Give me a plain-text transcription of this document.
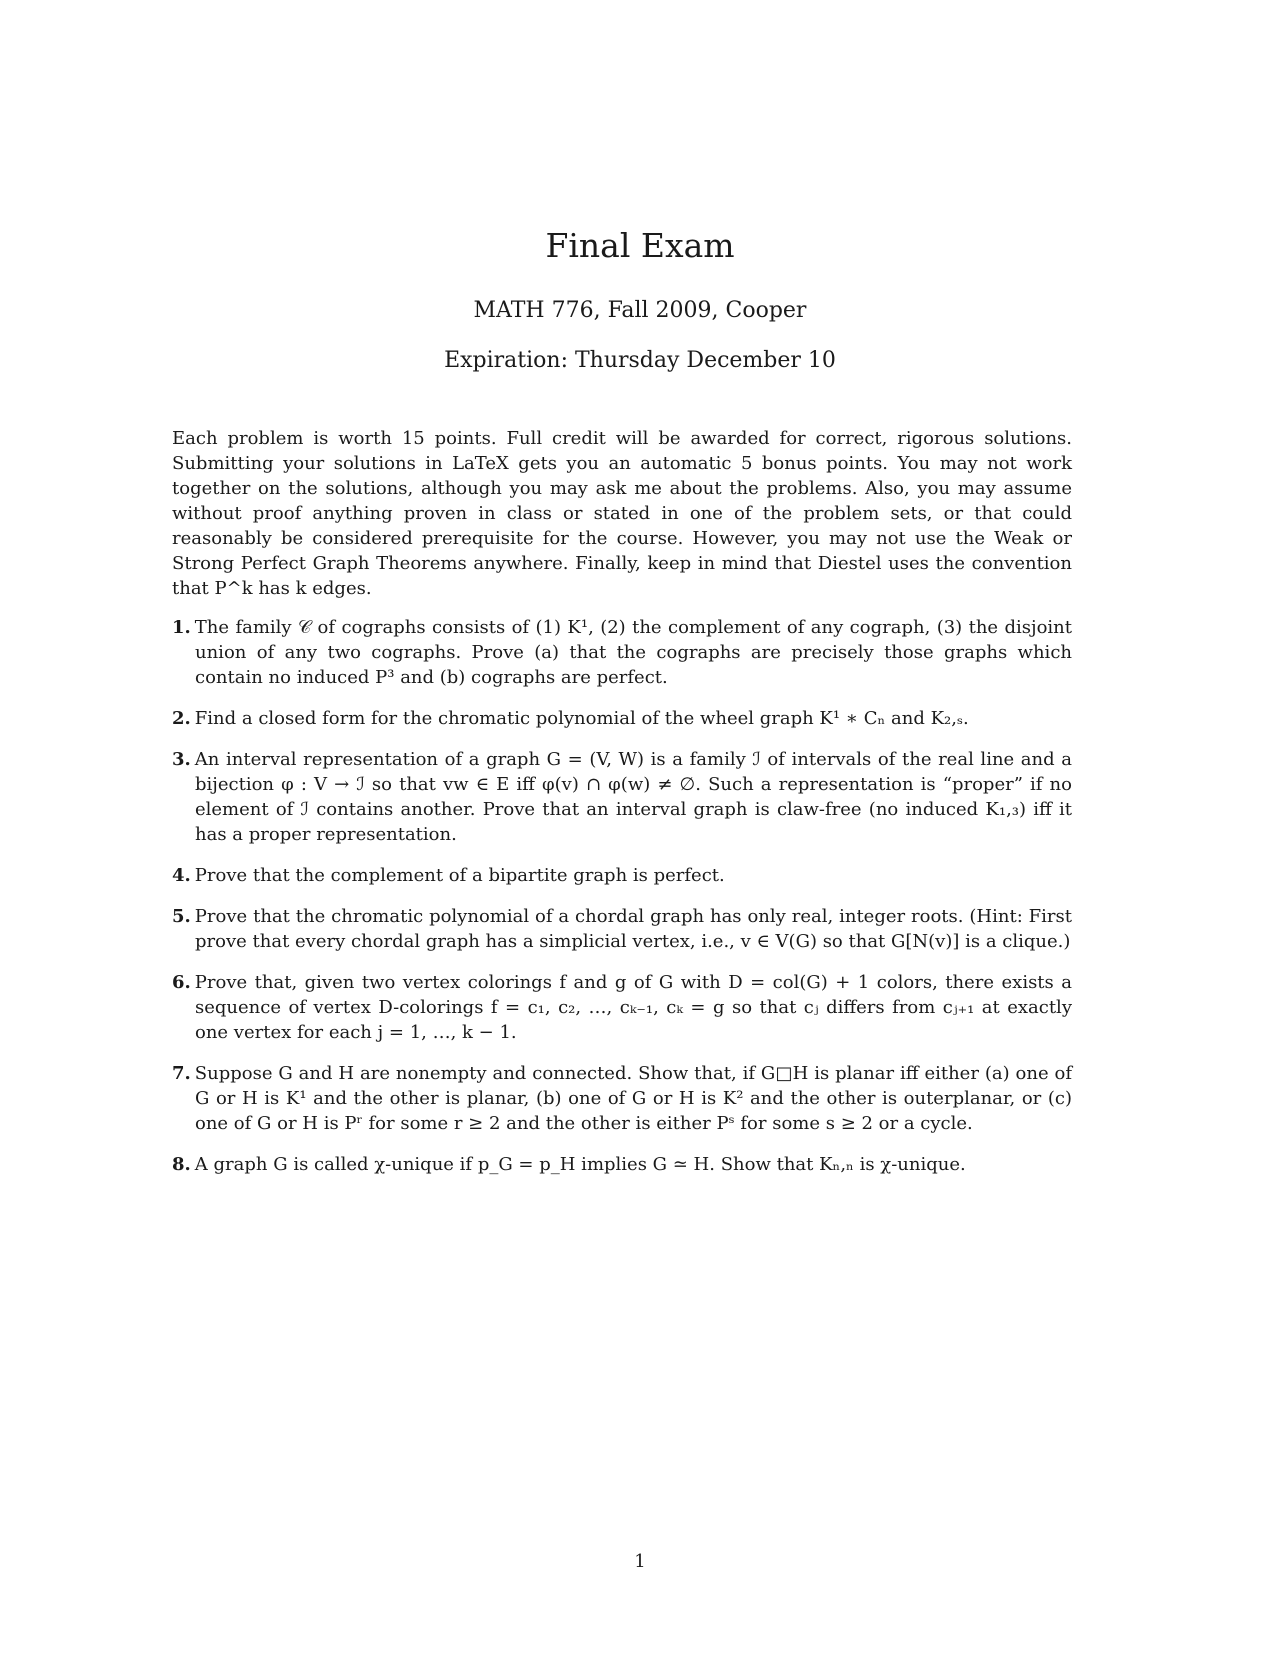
Final Exam
MATH 776, Fall 2009, Cooper
Expiration: Thursday December 10

Each problem is worth 15 points. Full credit will be awarded for correct, rigorous solutions. Submitting your solutions in LaTeX gets you an automatic 5 bonus points. You may not work together on the solutions, although you may ask me about the problems. Also, you may assume without proof anything proven in class or stated in one of the problem sets, or that could reasonably be considered prerequisite for the course. However, you may not use the Weak or Strong Perfect Graph Theorems anywhere. Finally, keep in mind that Diestel uses the convention that P^k has k edges.

1. The family 𝒞 of cographs consists of (1) K¹, (2) the complement of any cograph, (3) the disjoint union of any two cographs. Prove (a) that the cographs are precisely those graphs which contain no induced P³ and (b) cographs are perfect.
2. Find a closed form for the chromatic polynomial of the wheel graph K¹ ∗ Cₙ and K₂,ₛ.
3. An interval representation of a graph G = (V, W) is a family ℐ of intervals of the real line and a bijection φ : V → ℐ so that vw ∈ E iff φ(v) ∩ φ(w) ≠ ∅. Such a representation is “proper” if no element of ℐ contains another. Prove that an interval graph is claw-free (no induced K₁,₃) iff it has a proper representation.
4. Prove that the complement of a bipartite graph is perfect.
5. Prove that the chromatic polynomial of a chordal graph has only real, integer roots. (Hint: First prove that every chordal graph has a simplicial vertex, i.e., v ∈ V(G) so that G[N(v)] is a clique.)
6. Prove that, given two vertex colorings f and g of G with D = col(G) + 1 colors, there exists a sequence of vertex D-colorings f = c₁, c₂, …, cₖ₋₁, cₖ = g so that cⱼ differs from cⱼ₊₁ at exactly one vertex for each j = 1, …, k − 1.
7. Suppose G and H are nonempty and connected. Show that, if G□H is planar iff either (a) one of G or H is K¹ and the other is planar, (b) one of G or H is K² and the other is outerplanar, or (c) one of G or H is Pʳ for some r ≥ 2 and the other is either Pˢ for some s ≥ 2 or a cycle.
8. A graph G is called χ-unique if p_G = p_H implies G ≃ H. Show that Kₙ,ₙ is χ-unique.
1
